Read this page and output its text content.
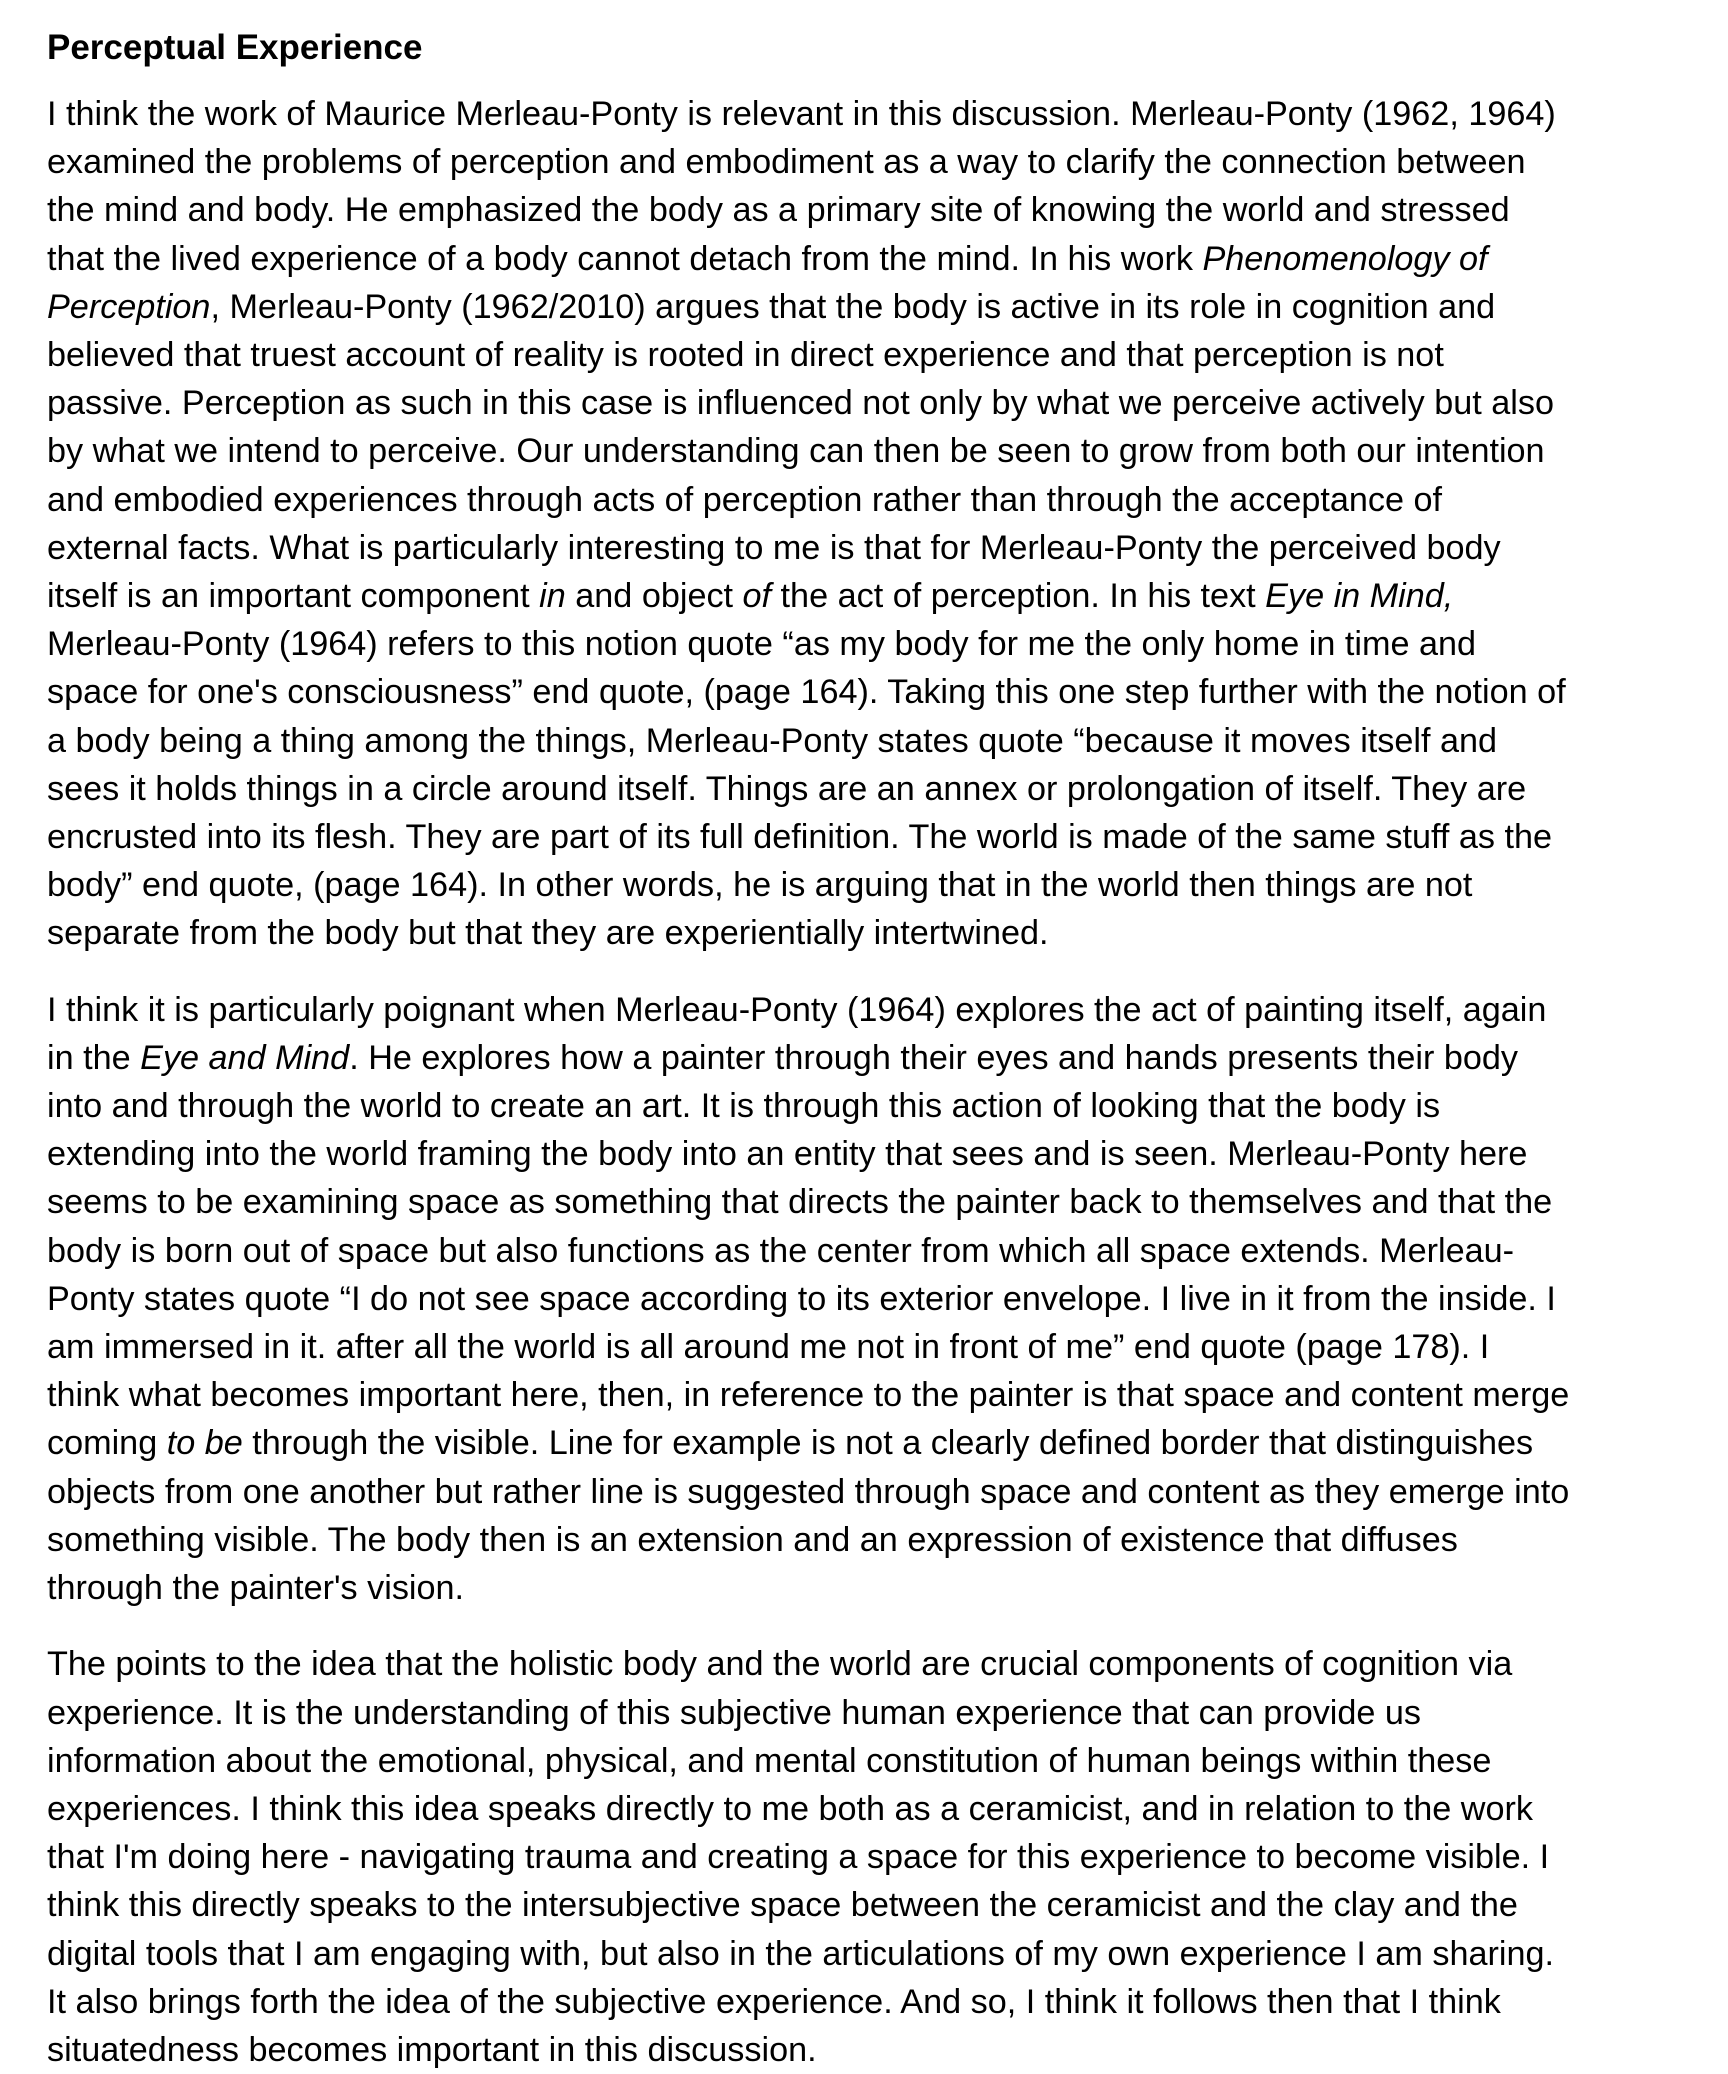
Perceptual Experience

I think the work of Maurice Merleau-Ponty is relevant in this discussion. Merleau-Ponty (1962, 1964)
examined the problems of perception and embodiment as a way to clarify the connection between
the mind and body. He emphasized the body as a primary site of knowing the world and stressed
that the lived experience of a body cannot detach from the mind. In his work Phenomenology of
Perception, Merleau-Ponty (1962/2010) argues that the body is active in its role in cognition and
believed that truest account of reality is rooted in direct experience and that perception is not
passive. Perception as such in this case is influenced not only by what we perceive actively but also
by what we intend to perceive. Our understanding can then be seen to grow from both our intention
and embodied experiences through acts of perception rather than through the acceptance of
external facts. What is particularly interesting to me is that for Merleau-Ponty the perceived body
itself is an important component in and object of the act of perception. In his text Eye in Mind,
Merleau-Ponty (1964) refers to this notion quote “as my body for me the only home in time and
space for one's consciousness” end quote, (page 164). Taking this one step further with the notion of
a body being a thing among the things, Merleau-Ponty states quote “because it moves itself and
sees it holds things in a circle around itself. Things are an annex or prolongation of itself. They are
encrusted into its flesh. They are part of its full definition. The world is made of the same stuff as the
body” end quote, (page 164). In other words, he is arguing that in the world then things are not
separate from the body but that they are experientially intertwined.

I think it is particularly poignant when Merleau-Ponty (1964) explores the act of painting itself, again
in the Eye and Mind. He explores how a painter through their eyes and hands presents their body
into and through the world to create an art. It is through this action of looking that the body is
extending into the world framing the body into an entity that sees and is seen. Merleau-Ponty here
seems to be examining space as something that directs the painter back to themselves and that the
body is born out of space but also functions as the center from which all space extends. Merleau-
Ponty states quote “I do not see space according to its exterior envelope. I live in it from the inside. I
am immersed in it. after all the world is all around me not in front of me” end quote (page 178). I
think what becomes important here, then, in reference to the painter is that space and content merge
coming to be through the visible. Line for example is not a clearly defined border that distinguishes
objects from one another but rather line is suggested through space and content as they emerge into
something visible. The body then is an extension and an expression of existence that diffuses
through the painter's vision.

The points to the idea that the holistic body and the world are crucial components of cognition via
experience. It is the understanding of this subjective human experience that can provide us
information about the emotional, physical, and mental constitution of human beings within these
experiences. I think this idea speaks directly to me both as a ceramicist, and in relation to the work
that I'm doing here - navigating trauma and creating a space for this experience to become visible. I
think this directly speaks to the intersubjective space between the ceramicist and the clay and the
digital tools that I am engaging with, but also in the articulations of my own experience I am sharing.
It also brings forth the idea of the subjective experience. And so, I think it follows then that I think
situatedness becomes important in this discussion.
